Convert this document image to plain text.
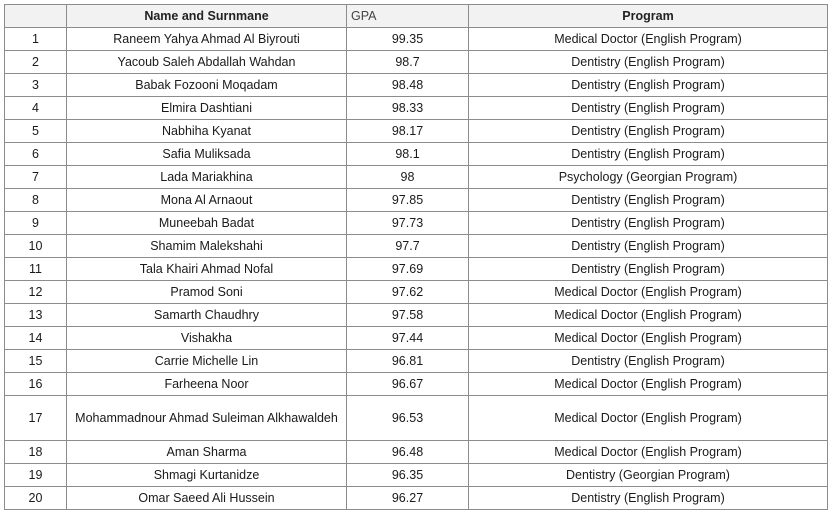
	Name and Surnmane	GPA	Program
1	Raneem Yahya Ahmad Al Biyrouti	99.35	Medical Doctor (English Program)
2	Yacoub Saleh Abdallah Wahdan	98.7	Dentistry (English Program)
3	Babak Fozooni Moqadam	98.48	Dentistry (English Program)
4	Elmira Dashtiani	98.33	Dentistry (English Program)
5	Nabhiha Kyanat	98.17	Dentistry (English Program)
6	Safia Muliksada	98.1	Dentistry (English Program)
7	Lada Mariakhina	98	Psychology (Georgian Program)
8	Mona Al Arnaout	97.85	Dentistry (English Program)
9	Muneebah Badat	97.73	Dentistry (English Program)
10	Shamim Malekshahi	97.7	Dentistry (English Program)
11	Tala Khairi Ahmad Nofal	97.69	Dentistry (English Program)
12	Pramod Soni	97.62	Medical Doctor (English Program)
13	Samarth Chaudhry	97.58	Medical Doctor (English Program)
14	Vishakha	97.44	Medical Doctor (English Program)
15	Carrie Michelle Lin	96.81	Dentistry (English Program)
16	Farheena Noor	96.67	Medical Doctor (English Program)
17	Mohammadnour Ahmad Suleiman Alkhawaldeh	96.53	Medical Doctor (English Program)
18	Aman Sharma	96.48	Medical Doctor (English Program)
19	Shmagi Kurtanidze	96.35	Dentistry (Georgian Program)
20	Omar Saeed Ali Hussein	96.27	Dentistry (English Program)
